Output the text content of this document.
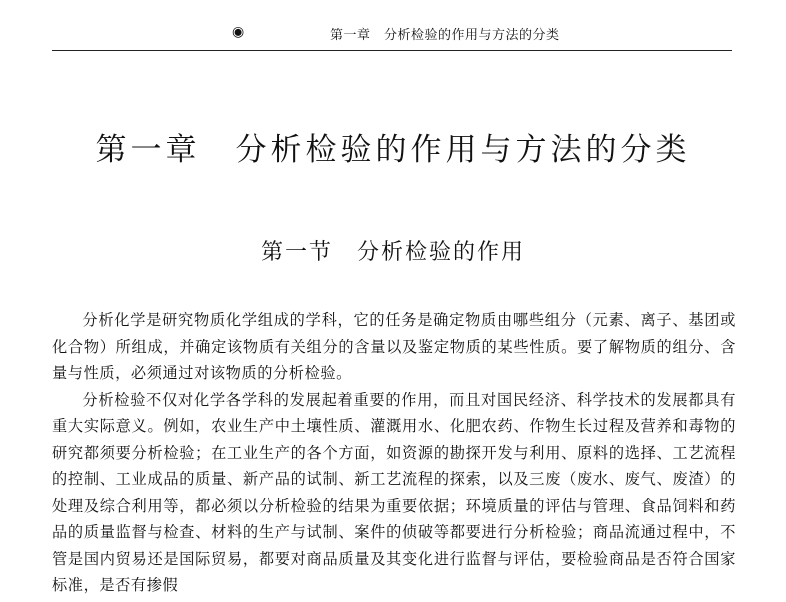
◉	第一章　分析检验的作用与方法的分类
第一章　分析检验的作用与方法的分类
第一节　分析检验的作用

分析化学是研究物质化学组成的学科，它的任务是确定物质由哪些组分（元素、离子、基团或化合物）所组成，并确定该物质有关组分的含量以及鉴定物质的某些性质。要了解物质的组分、含量与性质，必须通过对该物质的分析检验。

分析检验不仅对化学各学科的发展起着重要的作用，而且对国民经济、科学技术的发展都具有重大实际意义。例如，农业生产中土壤性质、灌溉用水、化肥农药、作物生长过程及营养和毒物的研究都须要分析检验；在工业生产的各个方面，如资源的勘探开发与利用、原料的选择、工艺流程的控制、工业成品的质量、新产品的试制、新工艺流程的探索，以及三废（废水、废气、废渣）的处理及综合利用等，都必须以分析检验的结果为重要依据；环境质量的评估与管理、食品饲料和药品的质量监督与检查、材料的生产与试制、案件的侦破等都要进行分析检验；商品流通过程中，不管是国内贸易还是国际贸易，都要对商品质量及其变化进行监督与评估，要检验商品是否符合国家标准，是否有掺假
